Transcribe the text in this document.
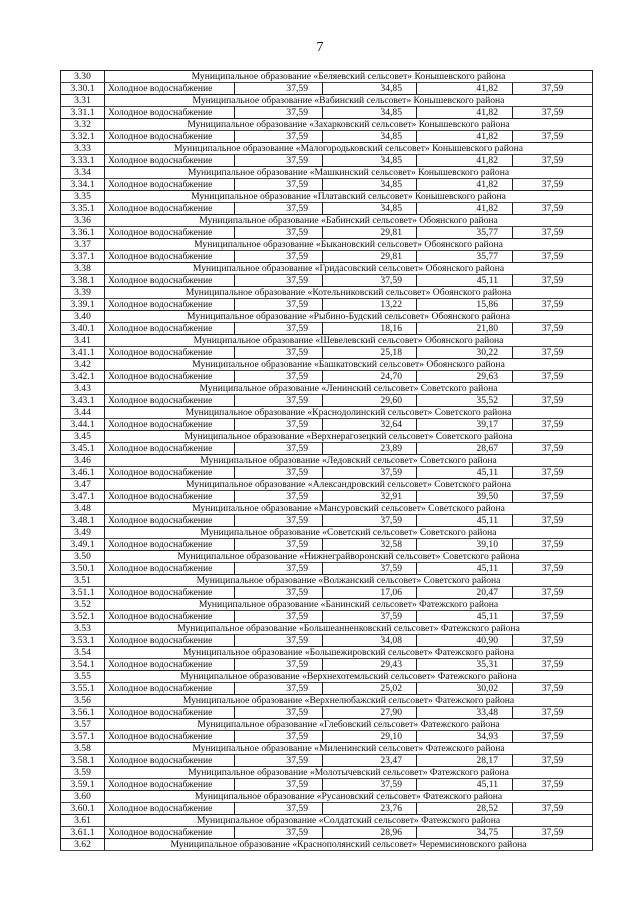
7
3.30	Муниципальное образование «Беляевский сельсовет» Конышевского района				
3.30.1	Холодное водоснабжение	37,59	34,85	41,82	37,59
3.31	Муниципальное образование «Вабинский сельсовет» Конышевского района				
3.31.1	Холодное водоснабжение	37,59	34,85	41,82	37,59
3.32	Муниципальное образование «Захарковский сельсовет» Конышевского района				
3.32.1	Холодное водоснабжение	37,59	34,85	41,82	37,59
3.33	Муниципальное образование «Малогородьковский сельсовет» Конышевского района				
3.33.1	Холодное водоснабжение	37,59	34,85	41,82	37,59
3.34	Муниципальное образование «Машкинский сельсовет» Конышевского района				
3.34.1	Холодное водоснабжение	37,59	34,85	41,82	37,59
3.35	Муниципальное образование «Платавский сельсовет» Конышевского района				
3.35.1	Холодное водоснабжение	37,59	34,85	41,82	37,59
3.36	Муниципальное образование «Бабинский сельсовет» Обоянского района				
3.36.1	Холодное водоснабжение	37,59	29,81	35,77	37,59
3.37	Муниципальное образование «Быкановский сельсовет» Обоянского района				
3.37.1	Холодное водоснабжение	37,59	29,81	35,77	37,59
3.38	Муниципальное образование «Гридасовский сельсовет» Обоянского района				
3.38.1	Холодное водоснабжение	37,59	37,59	45,11	37,59
3.39	Муниципальное образование «Котельниковский сельсовет» Обоянского района				
3.39.1	Холодное водоснабжение	37,59	13,22	15,86	37,59
3.40	Муниципальное образование «Рыбино-Будский сельсовет» Обоянского района				
3.40.1	Холодное водоснабжение	37,59	18,16	21,80	37,59
3.41	Муниципальное образование «Шевелевский сельсовет» Обоянского района				
3.41.1	Холодное водоснабжение	37,59	25,18	30,22	37,59
3.42	Муниципальное образование «Башкатовский сельсовет» Обоянского района				
3.42.1	Холодное водоснабжение	37,59	24,70	29,63	37,59
3.43	Муниципальное образование «Ленинский сельсовет» Советского района				
3.43.1	Холодное водоснабжение	37,59	29,60	35,52	37,59
3.44	Муниципальное образование «Краснодолинский сельсовет» Советского района				
3.44.1	Холодное водоснабжение	37,59	32,64	39,17	37,59
3.45	Муниципальное образование «Верхнерагозецкий сельсовет» Советского района				
3.45.1	Холодное водоснабжение	37,59	23,89	28,67	37,59
3.46	Муниципальное образование «Ледовский сельсовет» Советского района				
3.46.1	Холодное водоснабжение	37,59	37,59	45,11	37,59
3.47	Муниципальное образование «Александровский сельсовет» Советского района				
3.47.1	Холодное водоснабжение	37,59	32,91	39,50	37,59
3.48	Муниципальное образование «Мансуровский сельсовет» Советского района				
3.48.1	Холодное водоснабжение	37,59	37,59	45,11	37,59
3.49	Муниципальное образование «Советский сельсовет» Советского района				
3.49.1	Холодное водоснабжение	37,59	32,58	39,10	37,59
3.50	Муниципальное образование «Нижнеграйворонский сельсовет» Советского района				
3.50.1	Холодное водоснабжение	37,59	37,59	45,11	37,59
3.51	Муниципальное образование «Волжанский сельсовет» Советского района				
3.51.1	Холодное водоснабжение	37,59	17,06	20,47	37,59
3.52	Муниципальное образование «Банинский сельсовет» Фатежского района				
3.52.1	Холодное водоснабжение	37,59	37,59	45,11	37,59
3.53	Муниципальное образование «Большеанненковский сельсовет» Фатежского района				
3.53.1	Холодное водоснабжение	37,59	34,08	40,90	37,59
3.54	Муниципальное образование «Большежировский сельсовет» Фатежского района				
3.54.1	Холодное водоснабжение	37,59	29,43	35,31	37,59
3.55	Муниципальное образование «Верхнехотемльский сельсовет» Фатежского района				
3.55.1	Холодное водоснабжение	37,59	25,02	30,02	37,59
3.56	Муниципальное образование «Верхнелюбажский сельсовет» Фатежского района				
3.56.1	Холодное водоснабжение	37,59	27,90	33,48	37,59
3.57	Муниципальное образование «Глебовский сельсовет» Фатежского района				
3.57.1	Холодное водоснабжение	37,59	29,10	34,93	37,59
3.58	Муниципальное образование «Миленинский сельсовет» Фатежского района				
3.58.1	Холодное водоснабжение	37,59	23,47	28,17	37,59
3.59	Муниципальное образование «Молотычевский сельсовет» Фатежского района				
3.59.1	Холодное водоснабжение	37,59	37,59	45,11	37,59
3.60	Муниципальное образование «Русановский сельсовет» Фатежского района				
3.60.1	Холодное водоснабжение	37,59	23,76	28,52	37,59
3.61	Муниципальное образование «Солдатский сельсовет» Фатежского района				
3.61.1	Холодное водоснабжение	37,59	28,96	34,75	37,59
3.62	Муниципальное образование «Краснополянский сельсовет» Черемисиновского района				
